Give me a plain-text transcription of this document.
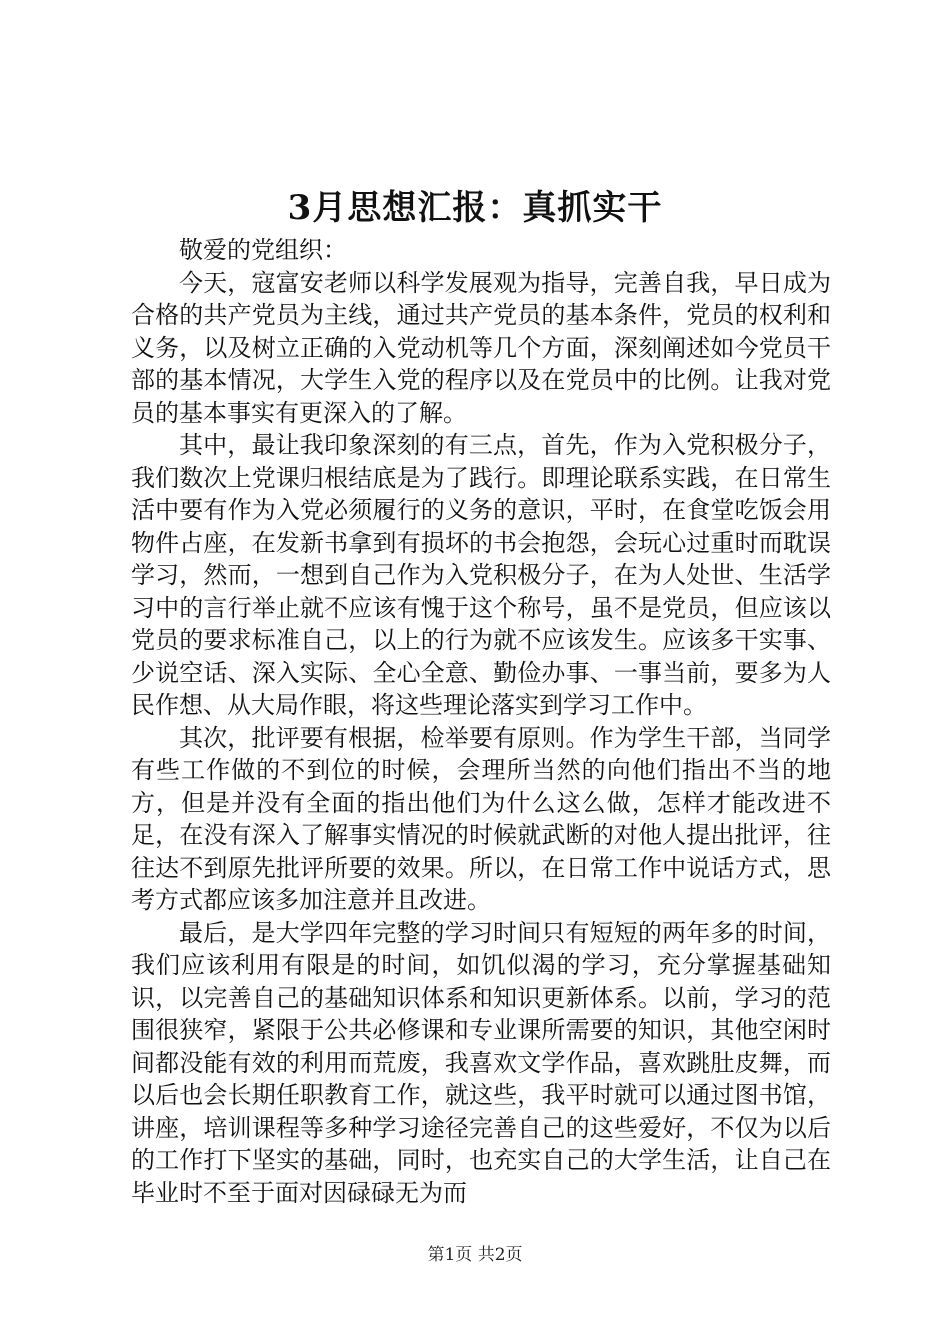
3月思想汇报：真抓实干

敬爱的党组织：

今天，寇富安老师以科学发展观为指导，完善自我，早日成为合格的共产党员为主线，通过共产党员的基本条件，党员的权利和义务，以及树立正确的入党动机等几个方面，深刻阐述如今党员干部的基本情况，大学生入党的程序以及在党员中的比例。让我对党员的基本事实有更深入的了解。

其中，最让我印象深刻的有三点，首先，作为入党积极分子，我们数次上党课归根结底是为了践行。即理论联系实践，在日常生活中要有作为入党必须履行的义务的意识，平时，在食堂吃饭会用物件占座，在发新书拿到有损坏的书会抱怨，会玩心过重时而耽误学习，然而，一想到自己作为入党积极分子，在为人处世、生活学习中的言行举止就不应该有愧于这个称号，虽不是党员，但应该以党员的要求标准自己，以上的行为就不应该发生。应该多干实事、少说空话、深入实际、全心全意、勤俭办事、一事当前，要多为人民作想、从大局作眼，将这些理论落实到学习工作中。

其次，批评要有根据，检举要有原则。作为学生干部，当同学有些工作做的不到位的时候，会理所当然的向他们指出不当的地方，但是并没有全面的指出他们为什么这么做，怎样才能改进不足，在没有深入了解事实情况的时候就武断的对他人提出批评，往往达不到原先批评所要的效果。所以，在日常工作中说话方式，思考方式都应该多加注意并且改进。

最后，是大学四年完整的学习时间只有短短的两年多的时间，我们应该利用有限是的时间，如饥似渴的学习，充分掌握基础知识，以完善自己的基础知识体系和知识更新体系。以前，学习的范围很狭窄，紧限于公共必修课和专业课所需要的知识，其他空闲时间都没能有效的利用而荒废，我喜欢文学作品，喜欢跳肚皮舞，而以后也会长期任职教育工作，就这些，我平时就可以通过图书馆，讲座，培训课程等多种学习途径完善自己的这些爱好，不仅为以后的工作打下坚实的基础，同时，也充实自己的大学生活，让自己在毕业时不至于面对因碌碌无为而

第1页 共2页
